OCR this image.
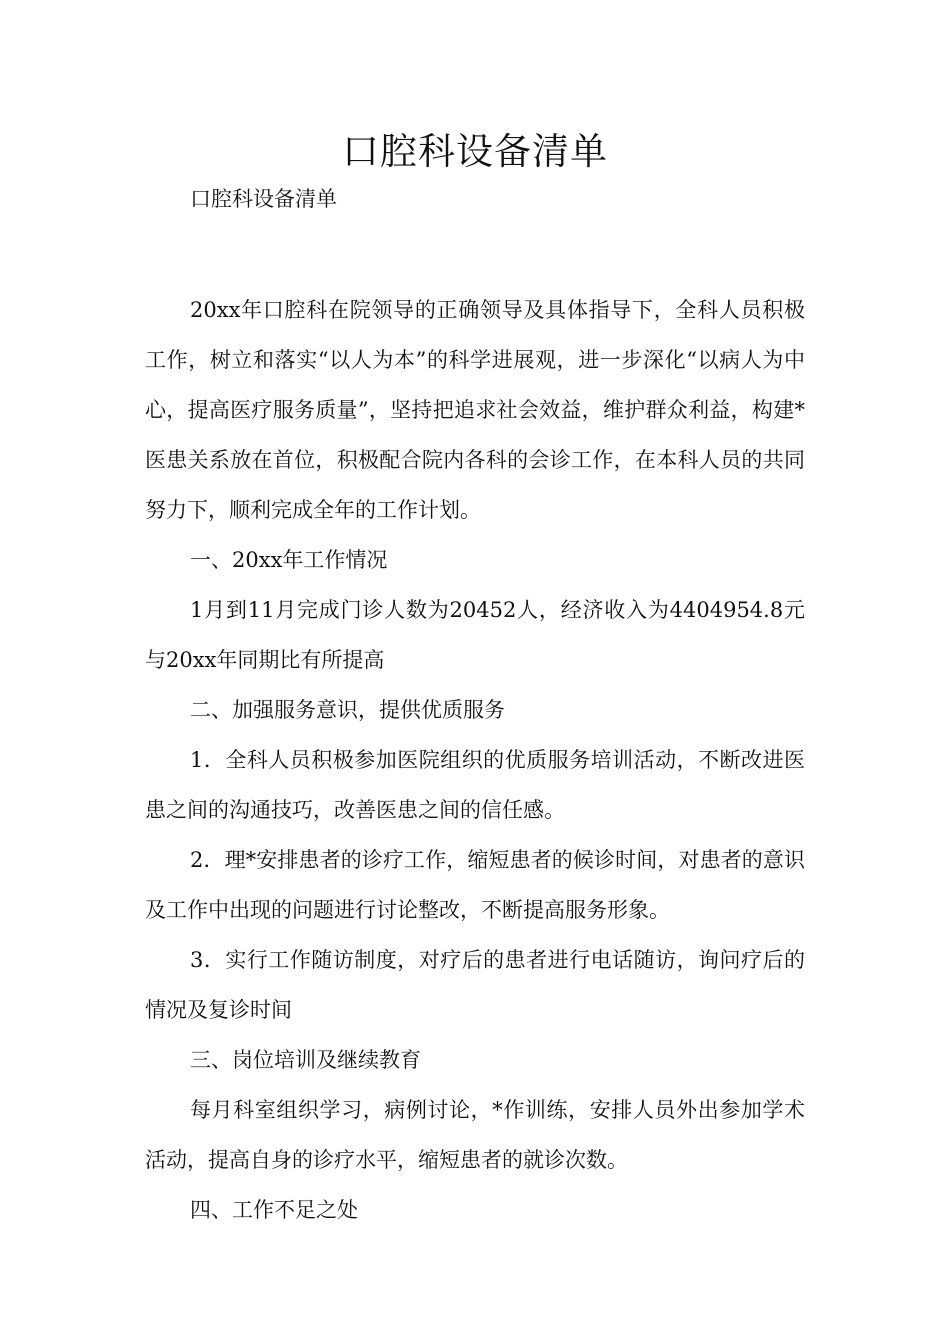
口腔科设备清单
口腔科设备清单

20xx年口腔科在院领导的正确领导及具体指导下，全科人员积极工作，树立和落实“以人为本”的科学进展观，进一步深化“以病人为中心，提高医疗服务质量”，坚持把追求社会效益，维护群众利益，构建*医患关系放在首位，积极配合院内各科的会诊工作，在本科人员的共同努力下，顺利完成全年的工作计划。

一、20xx年工作情况

1月到11月完成门诊人数为20452人，经济收入为4404954.8元与20xx年同期比有所提高

二、加强服务意识，提供优质服务

1．全科人员积极参加医院组织的优质服务培训活动，不断改进医患之间的沟通技巧，改善医患之间的信任感。

2．理*安排患者的诊疗工作，缩短患者的候诊时间，对患者的意识及工作中出现的问题进行讨论整改，不断提高服务形象。

3．实行工作随访制度，对疗后的患者进行电话随访，询问疗后的情况及复诊时间

三、岗位培训及继续教育

每月科室组织学习，病例讨论，*作训练，安排人员外出参加学术活动，提高自身的诊疗水平，缩短患者的就诊次数。

四、工作不足之处
